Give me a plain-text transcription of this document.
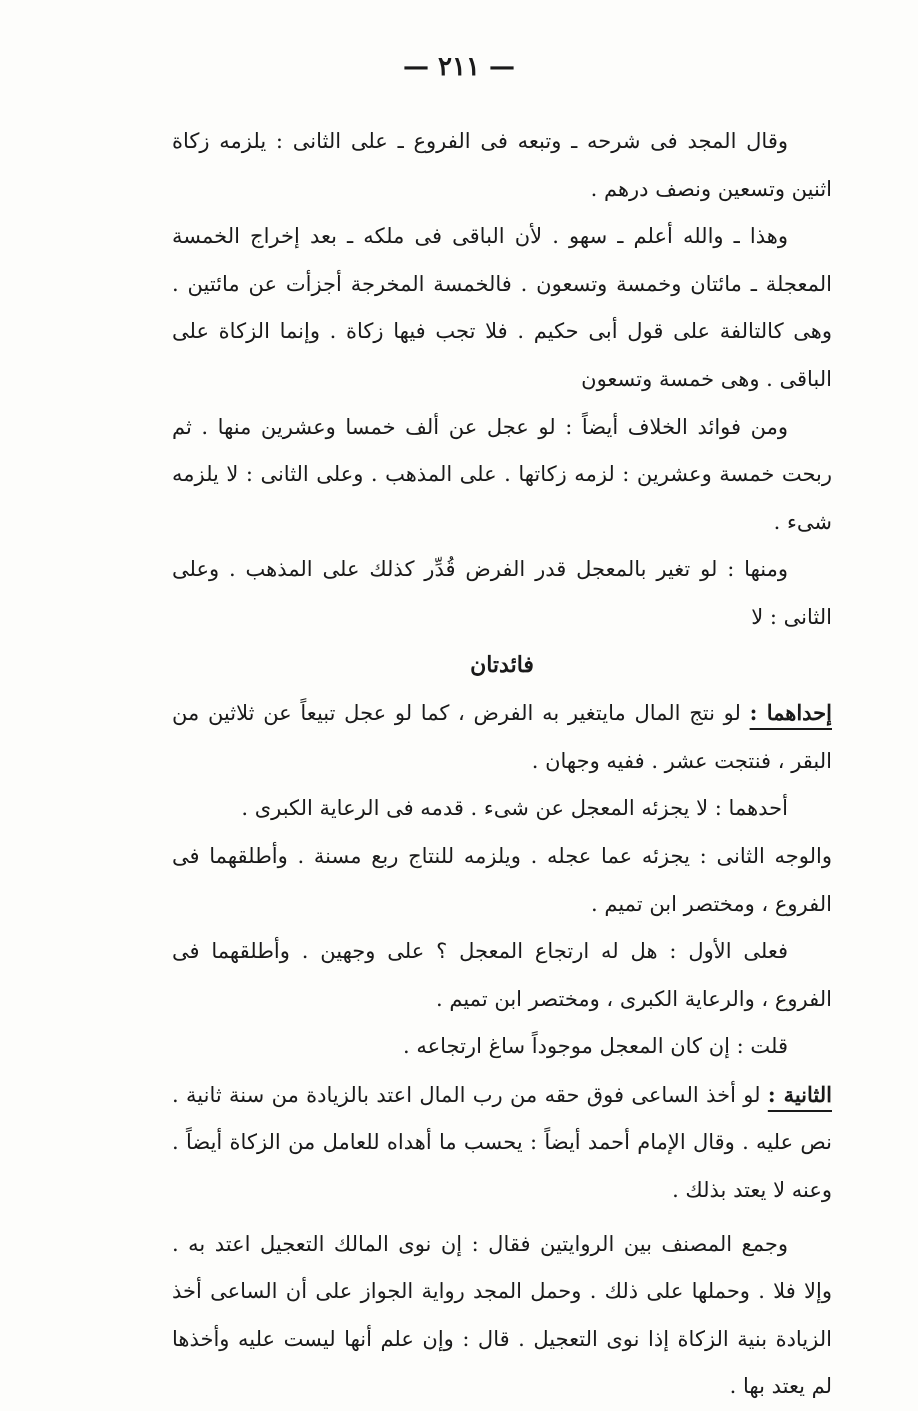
— ٢١١ —

وقال المجد فى شرحه ـ وتبعه فى الفروع ـ على الثانى : يلزمه زكاة اثنين وتسعين ونصف درهم .

وهذا ـ والله أعلم ـ سهو . لأن الباقى فى ملكه ـ بعد إخراج الخمسة المعجلة ـ مائتان وخمسة وتسعون . فالخمسة المخرجة أجزأت عن مائتين . وهى كالتالفة على قول أبى حكيم . فلا تجب فيها زكاة . وإنما الزكاة على الباقى . وهى خمسة وتسعون

ومن فوائد الخلاف أيضاً : لو عجل عن ألف خمسا وعشرين منها . ثم ربحت خمسة وعشرين : لزمه زكاتها . على المذهب . وعلى الثانى : لا يلزمه شىء .

ومنها : لو تغير بالمعجل قدر الفرض قُدِّر كذلك على المذهب . وعلى الثانى : لا

فائدتان

إحداهما : لو نتج المال مايتغير به الفرض ، كما لو عجل تبيعاً عن ثلاثين من البقر ، فنتجت عشر . ففيه وجهان .

أحدهما : لا يجزئه المعجل عن شىء . قدمه فى الرعاية الكبرى .

والوجه الثانى : يجزئه عما عجله . ويلزمه للنتاج ربع مسنة . وأطلقهما فى الفروع ، ومختصر ابن تميم .

فعلى الأول : هل له ارتجاع المعجل ؟ على وجهين . وأطلقهما فى الفروع ، والرعاية الكبرى ، ومختصر ابن تميم .

قلت : إن كان المعجل موجوداً ساغ ارتجاعه .

الثانية : لو أخذ الساعى فوق حقه من رب المال اعتد بالزيادة من سنة ثانية . نص عليه . وقال الإمام أحمد أيضاً : يحسب ما أهداه للعامل من الزكاة أيضاً . وعنه لا يعتد بذلك .

وجمع المصنف بين الروايتين فقال : إن نوى المالك التعجيل اعتد به . وإلا فلا . وحملها على ذلك . وحمل المجد رواية الجواز على أن الساعى أخذ الزيادة بنية الزكاة إذا نوى التعجيل . قال : وإن علم أنها ليست عليه وأخذها لم يعتد بها .
